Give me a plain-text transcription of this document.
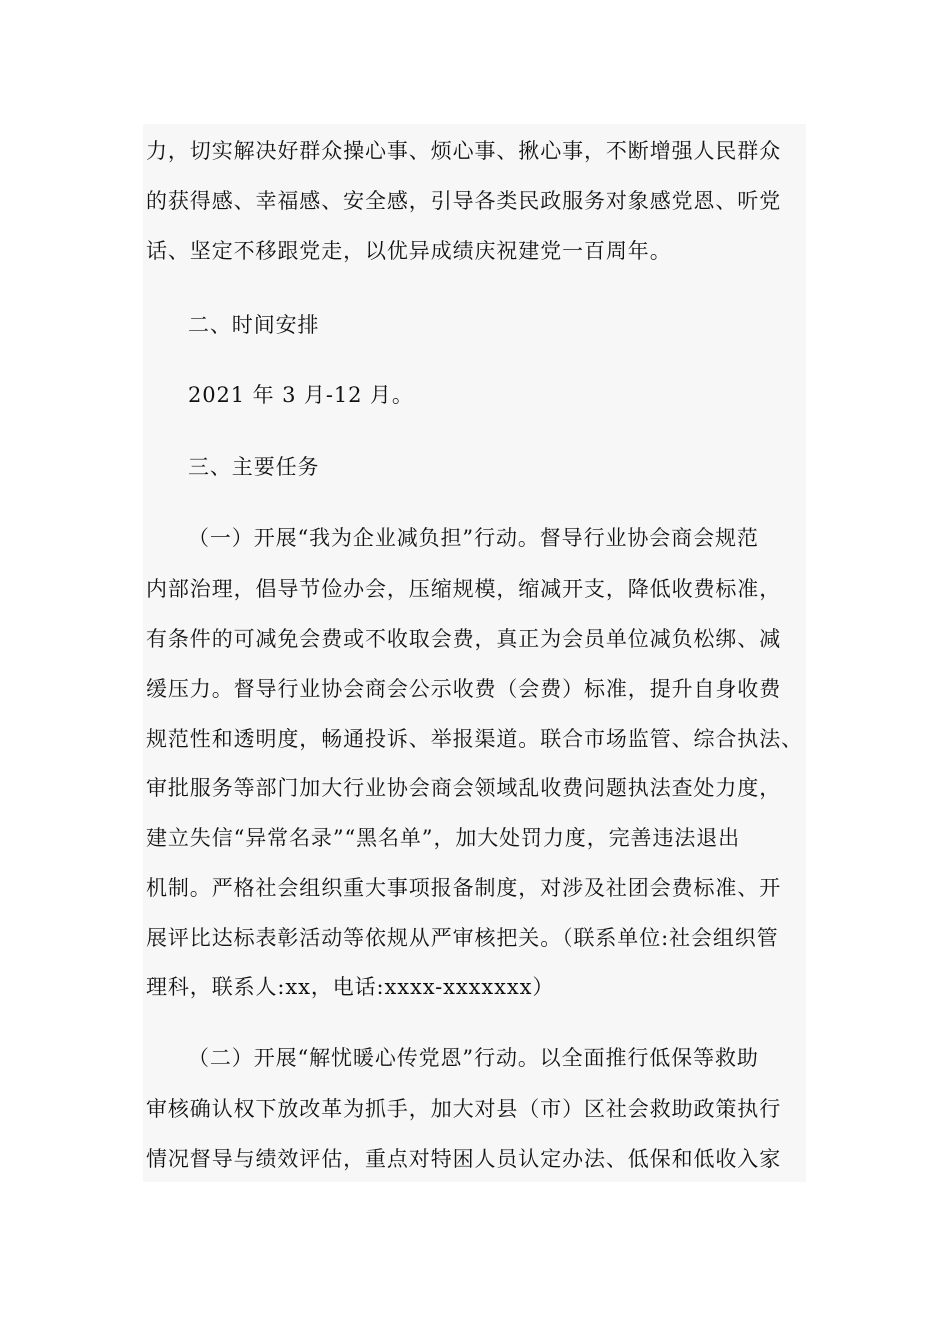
力，切实解决好群众操心事、烦心事、揪心事，不断增强人民群众
的获得感、幸福感、安全感，引导各类民政服务对象感党恩、听党
话、坚定不移跟党走，以优异成绩庆祝建党一百周年。
二、时间安排
2021 年 3 月-12 月。
三、主要任务
（一）开展“我为企业减负担”行动。督导行业协会商会规范
内部治理，倡导节俭办会，压缩规模，缩减开支，降低收费标准，
有条件的可减免会费或不收取会费，真正为会员单位减负松绑、减
缓压力。督导行业协会商会公示收费（会费）标准，提升自身收费
规范性和透明度，畅通投诉、举报渠道。联合市场监管、综合执法、
审批服务等部门加大行业协会商会领域乱收费问题执法查处力度，
建立失信“异常名录”“黑名单”，加大处罚力度，完善违法退出
机制。严格社会组织重大事项报备制度，对涉及社团会费标准、开
展评比达标表彰活动等依规从严审核把关。（联系单位:社会组织管
理科，联系人:xx，电话:xxxx-xxxxxxx）
（二）开展“解忧暖心传党恩”行动。以全面推行低保等救助
审核确认权下放改革为抓手，加大对县（市）区社会救助政策执行
情况督导与绩效评估，重点对特困人员认定办法、低保和低收入家
